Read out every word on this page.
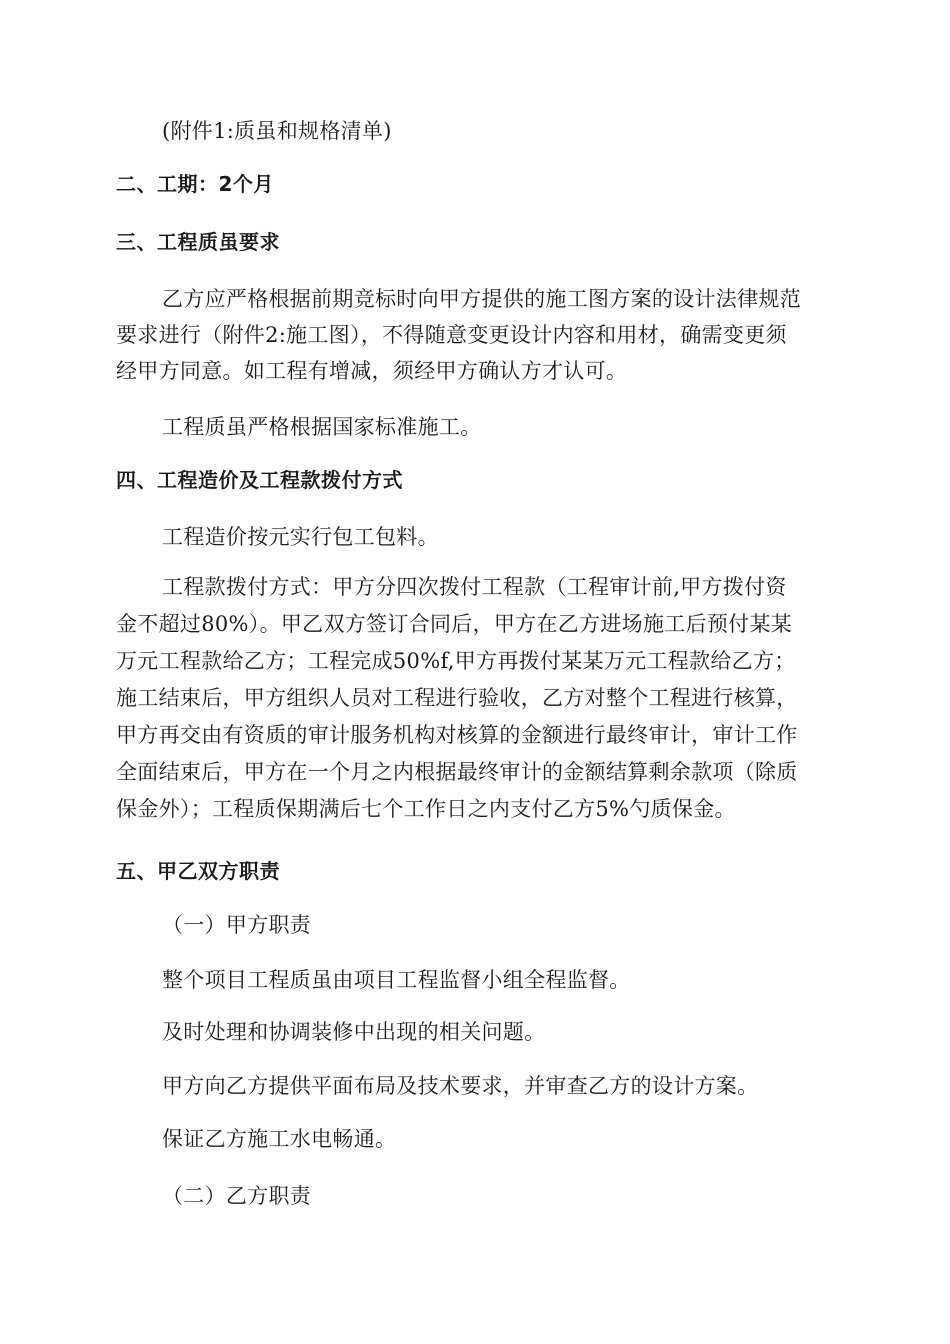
(附件1:质虽和规格清单)
二、工期：2个月
三、工程质虽要求
乙方应严格根据前期竞标时向甲方提供的施工图方案的设计法律规范
要求进行（附件2:施工图），不得随意变更设计内容和用材，确需变更须
经甲方同意。如工程有增减，须经甲方确认方才认可。
工程质虽严格根据国家标准施工。
四、工程造价及工程款拨付方式
工程造价按元实行包工包料。
工程款拨付方式：甲方分四次拨付工程款（工程审计前,甲方拨付资
金不超过80%）。甲乙双方签订合同后，甲方在乙方进场施工后预付某某
万元工程款给乙方；工程完成50%f,甲方再拨付某某万元工程款给乙方；
施工结束后，甲方组织人员对工程进行验收，乙方对整个工程进行核算，
甲方再交由有资质的审计服务机构对核算的金额进行最终审计，审计工作
全面结束后，甲方在一个月之内根据最终审计的金额结算剩余款项（除质
保金外）；工程质保期满后七个工作日之内支付乙方5%勺质保金。
五、甲乙双方职责
（一）甲方职责
整个项目工程质虽由项目工程监督小组全程监督。
及时处理和协调装修中出现的相关问题。
甲方向乙方提供平面布局及技术要求，并审查乙方的设计方案。
保证乙方施工水电畅通。
（二）乙方职责
